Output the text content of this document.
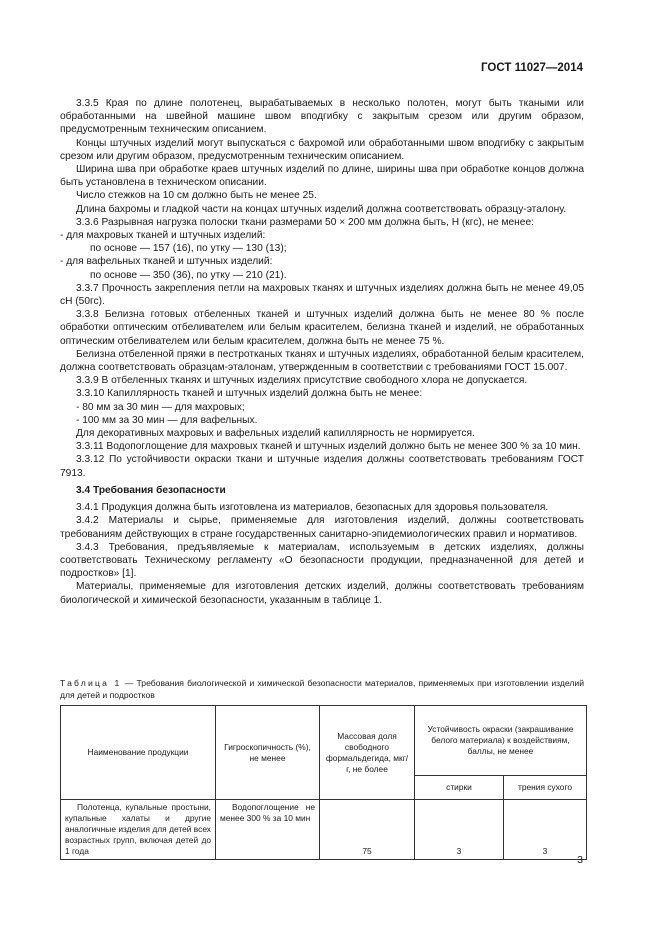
ГОСТ 11027—2014

3.3.5 Края по длине полотенец, вырабатываемых в несколько полотен, могут быть ткаными или обработанными на швейной машине швом вподгибку с закрытым срезом или другим образом, предусмотренным техническим описанием.

Концы штучных изделий могут выпускаться с бахромой или обработанными швом вподгибку с закрытым срезом или другим образом, предусмотренным техническим описанием.

Ширина шва при обработке краев штучных изделий по длине, ширины шва при обработке концов должна быть установлена в техническом описании.

Число стежков на 10 см должно быть не менее 25.

Длина бахромы и гладкой части на концах штучных изделий должна соответствовать образцу-эталону.

3.3.6 Разрывная нагрузка полоски ткани размерами 50 × 200 мм должна быть, Н (кгс), не менее:

- для махровых тканей и штучных изделий:

по основе — 157 (16), по утку — 130 (13);

- для вафельных тканей и штучных изделий:

по основе — 350 (36), по утку — 210 (21).

3.3.7 Прочность закрепления петли на махровых тканях и штучных изделиях должна быть не менее 49,05 сН (50гс).

3.3.8 Белизна готовых отбеленных тканей и штучных изделий должна быть не менее 80 % после обработки оптическим отбеливателем или белым красителем, белизна тканей и изделий, не обработанных оптическим отбеливателем или белым красителем, должна быть не менее 75 %.

Белизна отбеленной пряжи в пестротканых тканях и штучных изделиях, обработанной белым красителем, должна соответствовать образцам-эталонам, утвержденным в соответствии с требованиями ГОСТ 15.007.

3.3.9 В отбеленных тканях и штучных изделиях присутствие свободного хлора не допускается.

3.3.10 Капиллярность тканей и штучных изделий должна быть не менее:

- 80 мм за 30 мин — для махровых;

- 100 мм за 30 мин — для вафельных.

Для декоративных махровых и вафельных изделий капиллярность не нормируется.

3.3.11 Водопоглощение для махровых тканей и штучных изделий должно быть не менее 300 % за 10 мин.

3.3.12 По устойчивости окраски ткани и штучные изделия должны соответствовать требованиям ГОСТ 7913.

3.4 Требования безопасности

3.4.1 Продукция должна быть изготовлена из материалов, безопасных для здоровья пользователя.

3.4.2 Материалы и сырье, применяемые для изготовления изделий, должны соответствовать требованиям действующих в стране государственных санитарно-эпидемиологических правил и нормативов.

3.4.3 Требования, предъявляемые к материалам, используемым в детских изделиях, должны соответствовать Техническому регламенту «О безопасности продукции, предназначенной для детей и подростков» [1].

Материалы, применяемые для изготовления детских изделий, должны соответствовать требованиям биологической и химической безопасности, указанным в таблице 1.

Таблица 1 — Требования биологической и химической безопасности материалов, применяемых при изготовлении изделий для детей и подростков
Наименование продукции	Гигроскопичность (%), не менее	Массовая доля свободного формальдегида, мкг/г, не более	Устойчивость окраски (закрашивание белого материала) к воздействиям, баллы, не менее	
			стирки	трения сухого
Полотенца, купальные простыни, купальные халаты и другие аналогичные изделия для детей всех возрастных групп, включая детей до 1 года	Водопоглощение не менее 300 % за 10 мин	75	3	3
3
